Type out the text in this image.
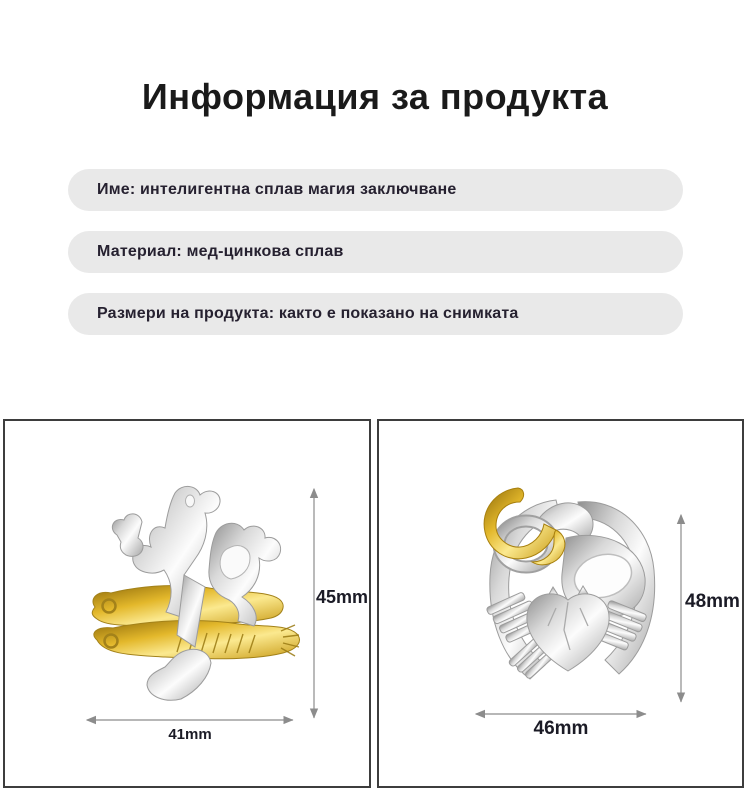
Информация за продукта
Име: интелигентна сплав магия заключване
Материал: мед-цинкова сплав
Размери на продукта: както е показано на снимката
45mm
41mm
48mm
46mm
